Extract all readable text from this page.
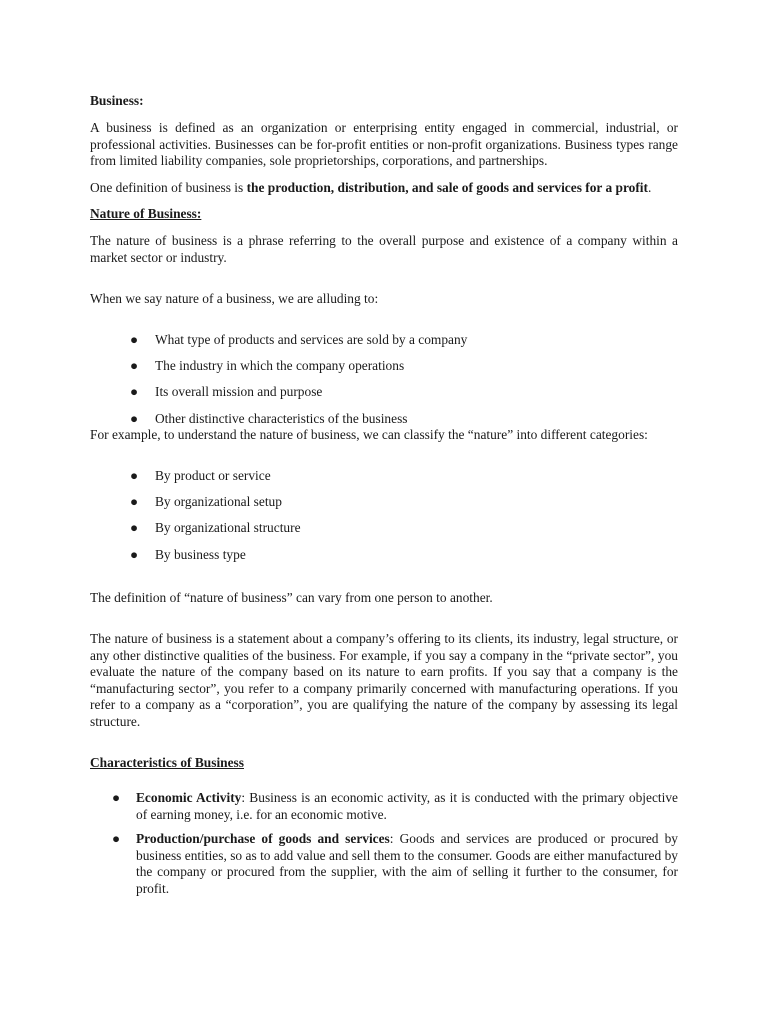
Business:

A business is defined as an organization or enterprising entity engaged in commercial, industrial, or professional activities. Businesses can be for-profit entities or non-profit organizations. Business types range from limited liability companies, sole proprietorships, corporations, and partnerships.

One definition of business is the production, distribution, and sale of goods and services for a profit.

Nature of Business:

The nature of business is a phrase referring to the overall purpose and existence of a company within a market sector or industry.

When we say nature of a business, we are alluding to:

● What type of products and services are sold by a company
● The industry in which the company operations
● Its overall mission and purpose
● Other distinctive characteristics of the business

For example, to understand the nature of business, we can classify the “nature” into different categories:

● By product or service
● By organizational setup
● By organizational structure
● By business type

The definition of “nature of business” can vary from one person to another.

The nature of business is a statement about a company’s offering to its clients, its industry, legal structure, or any other distinctive qualities of the business. For example, if you say a company in the “private sector”, you evaluate the nature of the company based on its nature to earn profits. If you say that a company is the “manufacturing sector”, you refer to a company primarily concerned with manufacturing operations. If you refer to a company as a “corporation”, you are qualifying the nature of the company by assessing its legal structure.

Characteristics of Business

● Economic Activity: Business is an economic activity, as it is conducted with the primary objective of earning money, i.e. for an economic motive.
● Production/purchase of goods and services: Goods and services are produced or procured by business entities, so as to add value and sell them to the consumer. Goods are either manufactured by the company or procured from the supplier, with the aim of selling it further to the consumer, for profit.
